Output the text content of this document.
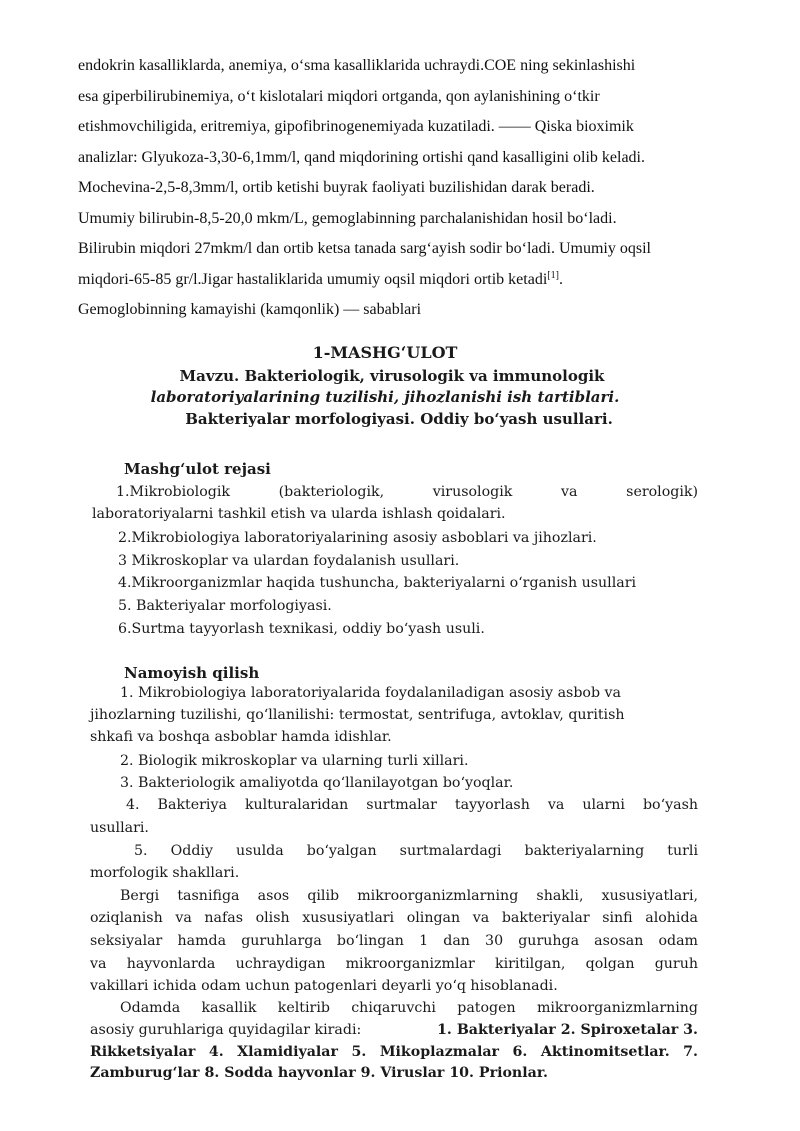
endokrin kasalliklarda, anemiya, o‘sma kasalliklarida uchraydi.COE ning sekinlashishi

esa giperbilirubinemiya, o‘t kislotalari miqdori ortganda, qon aylanishining o‘tkir

etishmovchiligida, eritremiya, gipofibrinogenemiyada kuzatiladi. —— Qiska bioximik

analizlar: Glyukoza-3,30-6,1mm/l, qand miqdorining ortishi qand kasalligini olib keladi.

Mochevina-2,5-8,3mm/l, ortib ketishi buyrak faoliyati buzilishidan darak beradi.

Umumiy bilirubin-8,5-20,0 mkm/L, gemoglabinning parchalanishidan hosil bo‘ladi.

Bilirubin miqdori 27mkm/l dan ortib ketsa tanada sarg‘ayish sodir bo‘ladi. Umumiy oqsil

miqdori-65-85 gr/l.Jigar hastaliklarida umumiy oqsil miqdori ortib ketadi[1].

Gemoglobinning kamayishi (kamqonlik) — sabablari

1-MASHG‘ULOT

Mavzu. Bakteriologik, virusologik va immunologik

laboratoriyalarining tuzilishi, jihozlanishi ish tartiblari.

Bakteriyalar morfologiyasi. Oddiy bo‘yash usullari.

Mashg‘ulot rejasi

1.Mikrobiologik (bakteriologik, virusologik va serologik)

laboratoriyalarni tashkil etish va ularda ishlash qoidalari.

2.Mikrobiologiya laboratoriyalarining asosiy asboblari va jihozlari.

3 Mikroskoplar va ulardan foydalanish usullari.

4.Mikroorganizmlar haqida tushuncha, bakteriyalarni o‘rganish usullari

5. Bakteriyalar morfologiyasi.

6.Surtma tayyorlash texnikasi, oddiy bo‘yash usuli.

Namoyish qilish

1. Mikrobiologiya laboratoriyalarida foydalaniladigan asosiy asbob va

jihozlarning tuzilishi, qo‘llanilishi: termostat, sentrifuga, avtoklav, quritish

shkafi va boshqa asboblar hamda idishlar.

2. Biologik mikroskoplar va ularning turli xillari.

3. Bakteriologik amaliyotda qo‘llanilayotgan bo‘yoqlar.

4. Bakteriya kulturalaridan surtmalar tayyorlash va ularni bo‘yash

usullari.

5. Oddiy usulda bo‘yalgan surtmalardagi bakteriyalarning turli

morfologik shakllari.

Bergi tasnifiga asos qilib mikroorganizmlarning shakli, xususiyatlari,

oziqlanish va nafas olish xususiyatlari olingan va bakteriyalar sinfi alohida

seksiyalar hamda guruhlarga bo‘lingan 1 dan 30 guruhga asosan odam

va hayvonlarda uchraydigan mikroorganizmlar kiritilgan, qolgan guruh

vakillari ichida odam uchun patogenlari deyarli yo‘q hisoblanadi.

Odamda kasallik keltirib chiqaruvchi patogen mikroorganizmlarning

asosiy guruhlariga quyidagilar kiradi:	1. Bakteriyalar 2. Spiroxetalar 3.

Rikketsiyalar 4. Xlamidiyalar 5. Mikoplazmalar 6. Aktinomitsetlar. 7.

Zamburug‘lar 8. Sodda hayvonlar 9. Viruslar 10. Prionlar.
